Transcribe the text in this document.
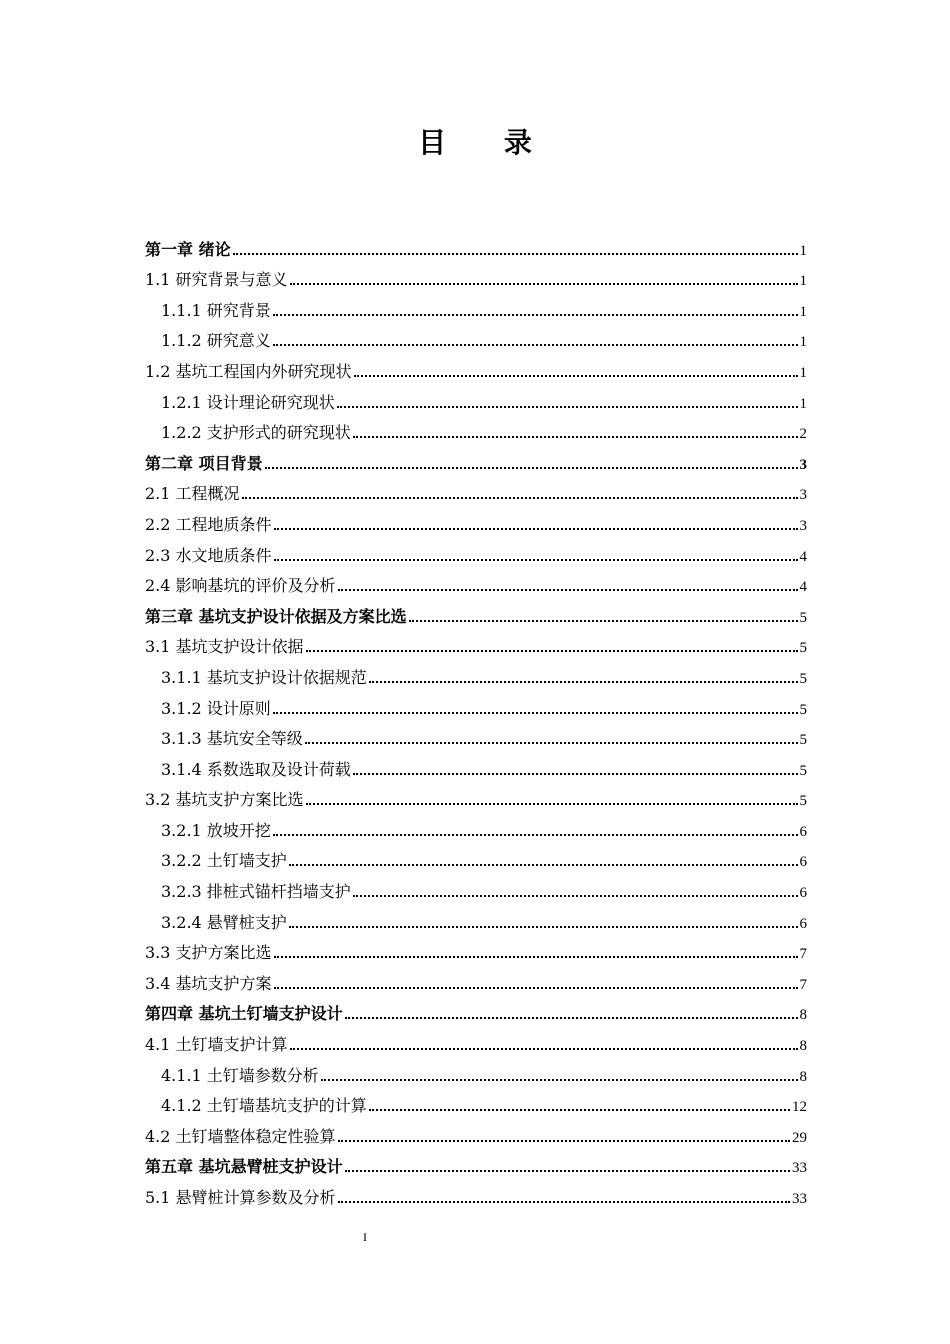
目 录
第一章 绪论	1
1.1 研究背景与意义	1
1.1.1 研究背景	1
1.1.2 研究意义	1
1.2 基坑工程国内外研究现状	1
1.2.1 设计理论研究现状	1
1.2.2 支护形式的研究现状	2
第二章 项目背景	3
2.1 工程概况	3
2.2 工程地质条件	3
2.3 水文地质条件	4
2.4 影响基坑的评价及分析	4
第三章 基坑支护设计依据及方案比选	5
3.1 基坑支护设计依据	5
3.1.1 基坑支护设计依据规范	5
3.1.2 设计原则	5
3.1.3 基坑安全等级	5
3.1.4 系数选取及设计荷载	5
3.2 基坑支护方案比选	5
3.2.1 放坡开挖	6
3.2.2 土钉墙支护	6
3.2.3 排桩式锚杆挡墙支护	6
3.2.4 悬臂桩支护	6
3.3 支护方案比选	7
3.4 基坑支护方案	7
第四章 基坑土钉墙支护设计	8
4.1 土钉墙支护计算	8
4.1.1 土钉墙参数分析	8
4.1.2 土钉墙基坑支护的计算	12
4.2 土钉墙整体稳定性验算	29
第五章 基坑悬臂桩支护设计	33
5.1 悬臂桩计算参数及分析	33
I
